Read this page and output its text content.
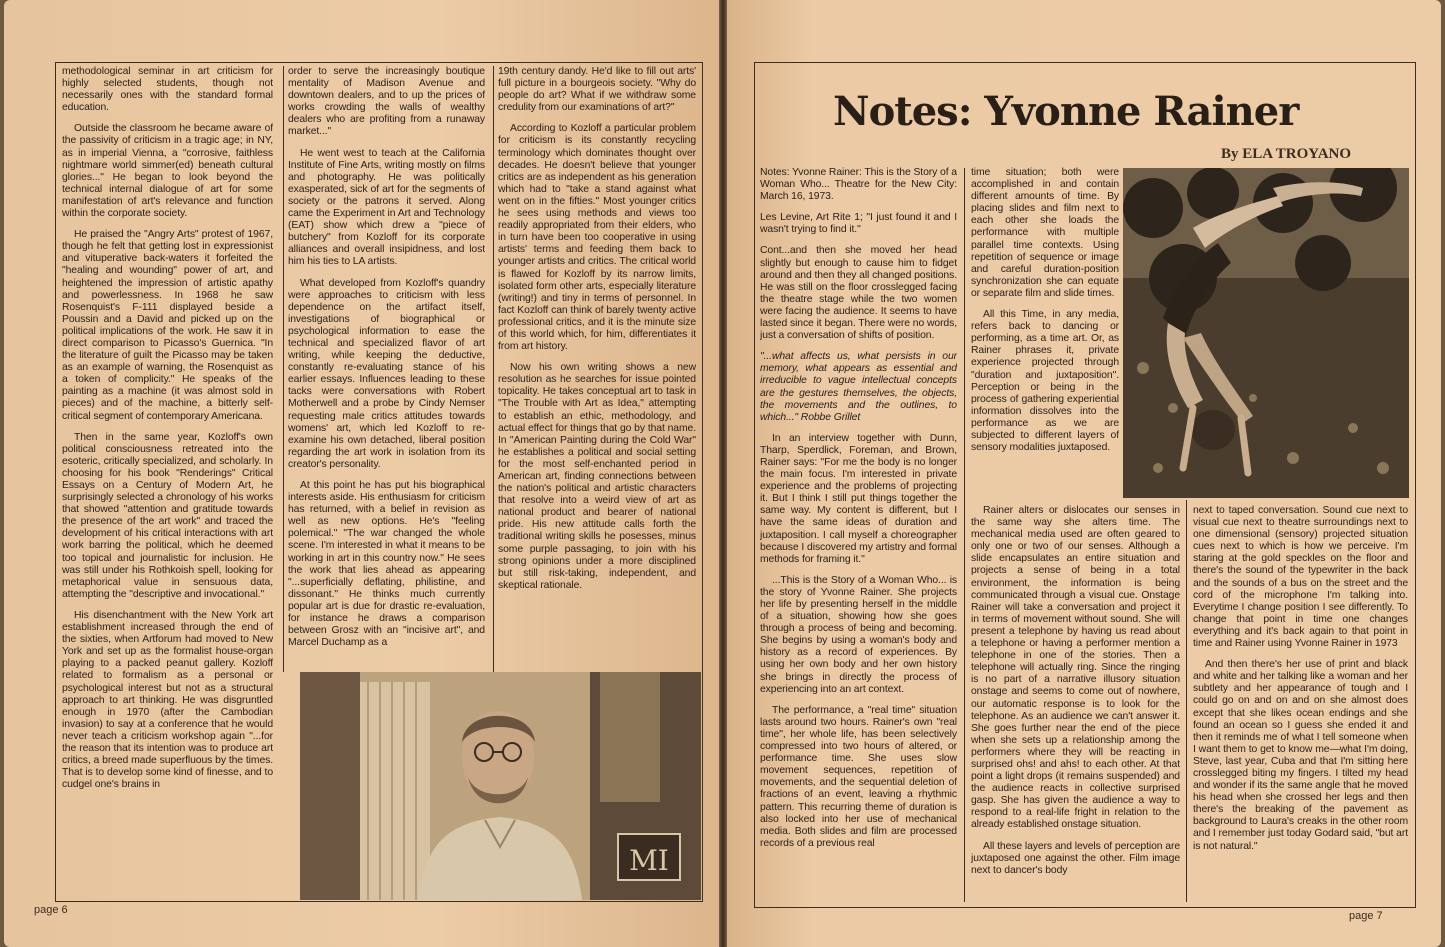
methodological seminar in art criticism for highly selected students, though not necessarily ones with the standard formal education.

Outside the classroom he became aware of the passivity of criticism in a tragic age; in NY, as in imperial Vienna, a "corrosive, faithless nightmare world simmer(ed) beneath cultural glories..." He began to look beyond the technical internal dialogue of art for some manifestation of art's relevance and function within the corporate society.

He praised the "Angry Arts" protest of 1967, though he felt that getting lost in expressionist and vituperative back-waters it forfeited the "healing and wounding" power of art, and heightened the impression of artistic apathy and powerlessness. In 1968 he saw Rosenquist's F-111 displayed beside a Poussin and a David and picked up on the political implications of the work. He saw it in direct comparison to Picasso's Guernica. "In the literature of guilt the Picasso may be taken as an example of warning, the Rosenquist as a token of complicity." He speaks of the painting as a machine (it was almost sold in pieces) and of the machine, a bitterly self-critical segment of contemporary Americana.

Then in the same year, Kozloff's own political consciousness retreated into the esoteric, critically specialized, and scholarly. In choosing for his book "Renderings" Critical Essays on a Century of Modern Art, he surprisingly selected a chronology of his works that showed "attention and gratitude towards the presence of the art work" and traced the development of his critical interactions with art work barring the political, which he deemed too topical and journalistic for inclusion. He was still under his Rothkoish spell, looking for metaphorical value in sensuous data, attempting the "descriptive and invocational."

His disenchantment with the New York art establishment increased through the end of the sixties, when Artforum had moved to New York and set up as the formalist house-organ playing to a packed peanut gallery. Kozloff related to formalism as a personal or psychological interest but not as a structural approach to art thinking. He was disgruntled enough in 1970 (after the Cambodian invasion) to say at a conference that he would never teach a criticism workshop again "...for the reason that its intention was to produce art critics, a breed made superfluous by the times. That is to develop some kind of finesse, and to cudgel one's brains in

order to serve the increasingly boutique mentality of Madison Avenue and downtown dealers, and to up the prices of works crowding the walls of wealthy dealers who are profiting from a runaway market..."

He went west to teach at the California Institute of Fine Arts, writing mostly on films and photography. He was politically exasperated, sick of art for the segments of society or the patrons it served. Along came the Experiment in Art and Technology (EAT) show which drew a "piece of butchery" from Kozloff for its corporate alliances and overall insipidness, and lost him his ties to LA artists.

What developed from Kozloff's quandry were approaches to criticism with less dependence on the artifact itself, investigations of biographical or psychological information to ease the technical and specialized flavor of art writing, while keeping the deductive, constantly re-evaluating stance of his earlier essays. Influences leading to these tacks were conversations with Robert Motherwell and a probe by Cindy Nemser requesting male critics attitudes towards womens' art, which led Kozloff to re-examine his own detached, liberal position regarding the art work in isolation from its creator's personality.

At this point he has put his biographical interests aside. His enthusiasm for criticism has returned, with a belief in revision as well as new options. He's "feeling polemical." "The war changed the whole scene. I'm interested in what it means to be working in art in this country now." He sees the work that lies ahead as appearing "...superficially deflating, philistine, and dissonant." He thinks much currently popular art is due for drastic re-evaluation, for instance he draws a comparison between Grosz with an "incisive art", and Marcel Duchamp as a

19th century dandy. He'd like to fill out arts' full picture in a bourgeois society. "Why do people do art? What if we withdraw some credulity from our examinations of art?"

According to Kozloff a particular problem for criticism is its constantly recycling terminology which dominates thought over decades. He doesn't believe that younger critics are as independent as his generation which had to "take a stand against what went on in the fifties." Most younger critics he sees using methods and views too readily appropriated from their elders, who in turn have been too cooperative in using artists' terms and feeding them back to younger artists and critics. The critical world is flawed for Kozloff by its narrow limits, isolated form other arts, especially literature (writing!) and tiny in terms of personnel. In fact Kozloff can think of barely twenty active professional critics, and it is the minute size of this world which, for him, differentiates it from art history.

Now his own writing shows a new resolution as he searches for issue pointed topicality. He takes conceptual art to task in "The Trouble with Art as Idea," attempting to establish an ethic, methodology, and actual effect for things that go by that name. In "American Painting during the Cold War" he establishes a political and social setting for the most self-enchanted period in American art, finding connections between the nation's political and artistic characters that resolve into a weird view of art as national product and bearer of national pride. His new attitude calls forth the traditional writing skills he posesses, minus some purple passaging, to join with his strong opinions under a more disciplined but still risk-taking, independent, and skeptical rationale.

MI
page 6
Notes: Yvonne Rainer
By ELA TROYANO

Notes: Yvonne Rainer: This is the Story of a Woman Who... Theatre for the New City: March 16, 1973.

Les Levine, Art Rite 1; "I just found it and I wasn't trying to find it."

Cont...and then she moved her head slightly but enough to cause him to fidget around and then they all changed positions. He was still on the floor crosslegged facing the theatre stage while the two women were facing the audience. It seems to have lasted since it began. There were no words, just a conversation of shifts of position.

"...what affects us, what persists in our memory, what appears as essential and irreducible to vague intellectual concepts are the gestures themselves, the objects, the movements and the outlines, to which..." Robbe Grillet

In an interview together with Dunn, Tharp, Sperdlick, Foreman, and Brown, Rainer says: "For me the body is no longer the main focus. I'm interested in private experience and the problems of projecting it. But I think I still put things together the same way. My content is different, but I have the same ideas of duration and juxtaposition. I call myself a choreographer because I discovered my artistry and formal methods for framing it."

...This is the Story of a Woman Who... is the story of Yvonne Rainer. She projects her life by presenting herself in the middle of a situation, showing how she goes through a process of being and becoming. She begins by using a woman's body and history as a record of experiences. By using her own body and her own history she brings in directly the process of experiencing into an art context.

The performance, a "real time" situation lasts around two hours. Rainer's own "real time", her whole life, has been selectively compressed into two hours of altered, or performance time. She uses slow movement sequences, repetition of movements, and the sequential deletion of fractions of an event, leaving a rhythmic pattern. This recurring theme of duration is also locked into her use of mechanical media. Both slides and film are processed records of a previous real

time situation; both were accomplished in and contain different amounts of time. By placing slides and film next to each other she loads the performance with multiple parallel time contexts. Using repetition of sequence or image and careful duration-position synchronization she can equate or separate film and slide times.

All this Time, in any media, refers back to dancing or performing, as a time art. Or, as Rainer phrases it, private experience projected through "duration and juxtaposition". Perception or being in the process of gathering experiential information dissolves into the performance as we are subjected to different layers of sensory modalities juxtaposed.

Rainer alters or dislocates our senses in the same way she alters time. The mechanical media used are often geared to only one or two of our senses. Although a slide encapsulates an entire situation and projects a sense of being in a total environment, the information is being communicated through a visual cue. Onstage Rainer will take a conversation and project it in terms of movement without sound. She will present a telephone by having us read about a telephone or having a performer mention a telephone in one of the stories. Then a telephone will actually ring. Since the ringing is no part of a narrative illusory situation onstage and seems to come out of nowhere, our automatic response is to look for the telephone. As an audience we can't answer it. She goes further near the end of the piece when she sets up a relationship among the performers where they will be reacting in surprised ohs! and ahs! to each other. At that point a light drops (it remains suspended) and the audience reacts in collective surprised gasp. She has given the audience a way to respond to a real-life fright in relation to the already established onstage situation.

All these layers and levels of perception are juxtaposed one against the other. Film image next to dancer's body

next to taped conversation. Sound cue next to visual cue next to theatre surroundings next to one dimensional (sensory) projected situation cues next to which is how we perceive. I'm staring at the gold speckles on the floor and there's the sound of the typewriter in the back and the sounds of a bus on the street and the cord of the microphone I'm talking into. Everytime I change position I see differently. To change that point in time one changes everything and it's back again to that point in time and Rainer using Yvonne Rainer in 1973

And then there's her use of print and black and white and her talking like a woman and her subtlety and her appearance of tough and I could go on and on and on she almost does except that she likes ocean endings and she found an ocean so I guess she ended it and then it reminds me of what I tell someone when I want them to get to know me—what I'm doing, Steve, last year, Cuba and that I'm sitting here crosslegged biting my fingers. I tilted my head and wonder if its the same angle that he moved his head when she crossed her legs and then there's the breaking of the pavement as background to Laura's creaks in the other room and I remember just today Godard said, "but art is not natural."

page 7
